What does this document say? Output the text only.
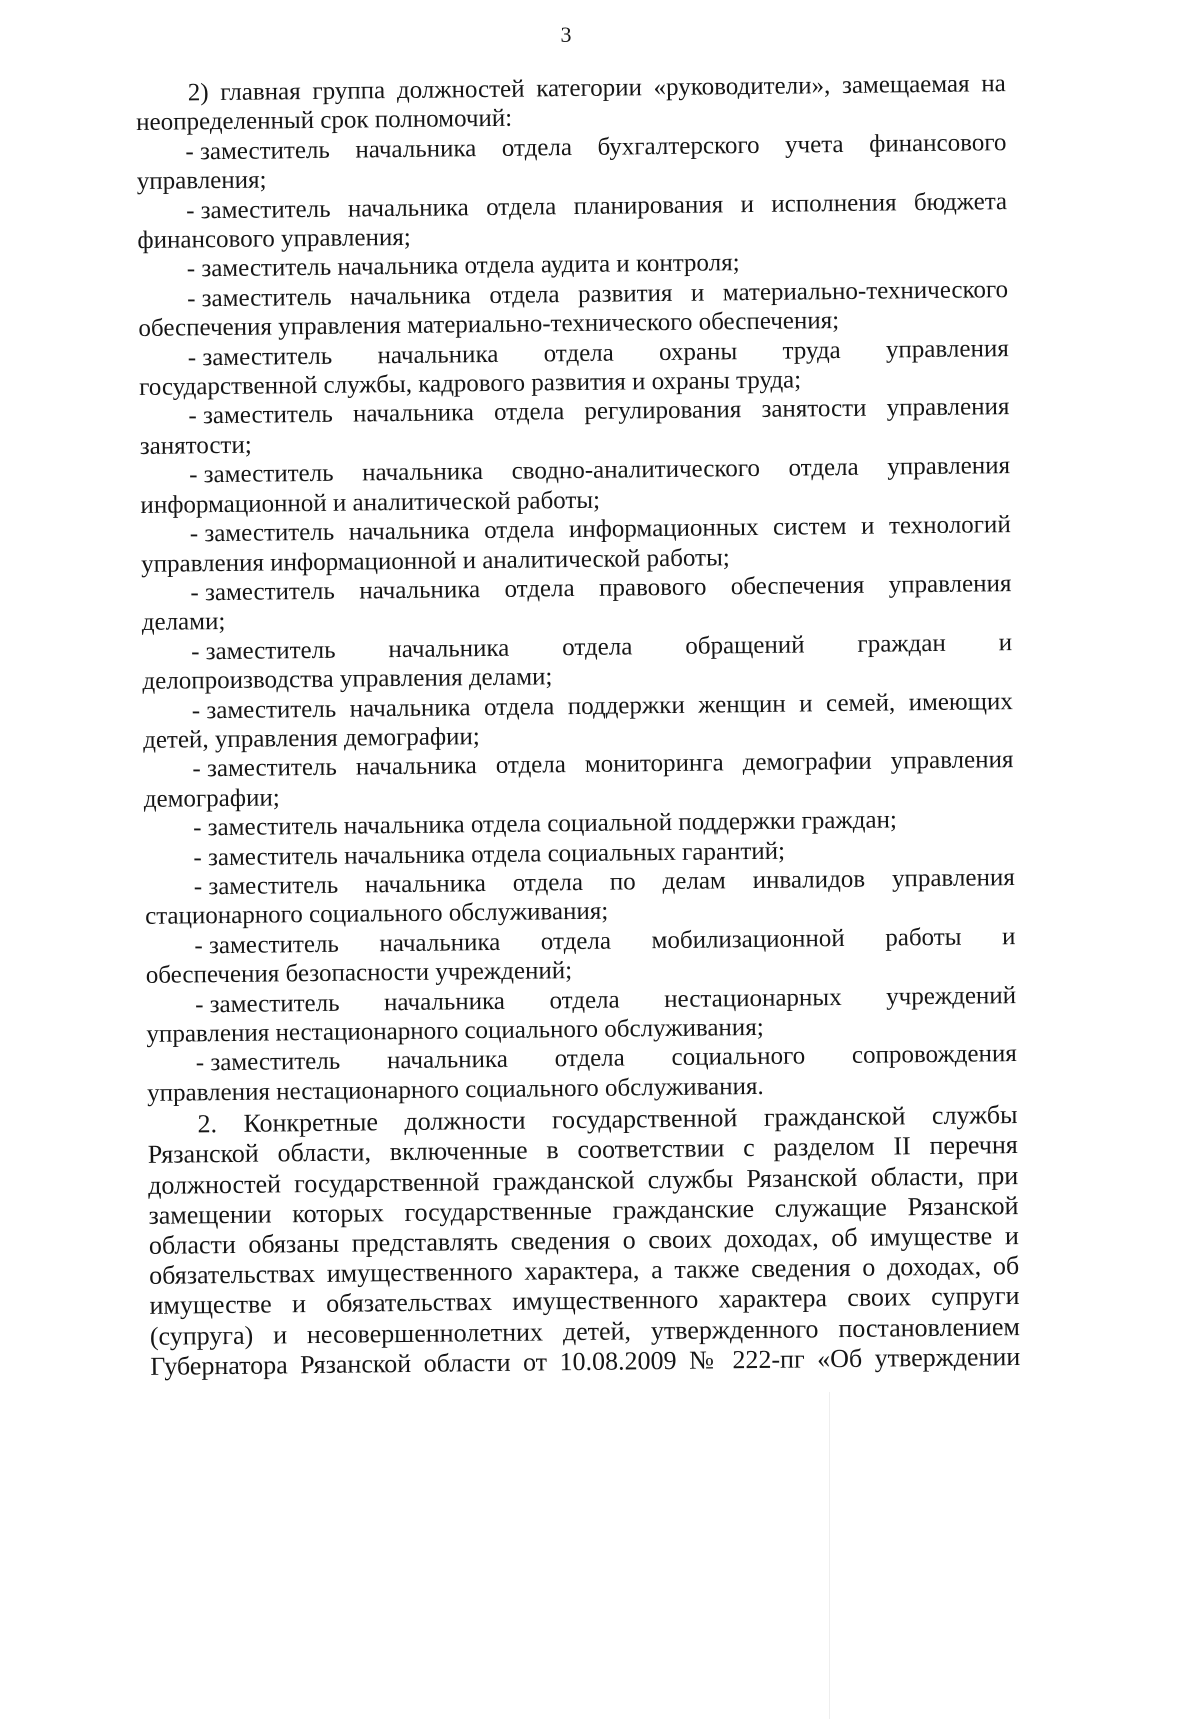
3
2) главная группа должностей категории «руководители», замещаемая на
неопределенный срок полномочий:
- заместитель начальника отдела бухгалтерского учета финансового
управления;
- заместитель начальника отдела планирования и исполнения бюджета
финансового управления;
- заместитель начальника отдела аудита и контроля;
- заместитель начальника отдела развития и материально-технического
обеспечения управления материально-технического обеспечения;
- заместитель начальника отдела охраны труда управления
государственной службы, кадрового развития и охраны труда;
- заместитель начальника отдела регулирования занятости управления
занятости;
- заместитель начальника сводно-аналитического отдела управления
информационной и аналитической работы;
- заместитель начальника отдела информационных систем и технологий
управления информационной и аналитической работы;
- заместитель начальника отдела правового обеспечения управления
делами;
- заместитель начальника отдела обращений граждан и
делопроизводства управления делами;
- заместитель начальника отдела поддержки женщин и семей, имеющих
детей, управления демографии;
- заместитель начальника отдела мониторинга демографии управления
демографии;
- заместитель начальника отдела социальной поддержки граждан;
- заместитель начальника отдела социальных гарантий;
- заместитель начальника отдела по делам инвалидов управления
стационарного социального обслуживания;
- заместитель начальника отдела мобилизационной работы и
обеспечения безопасности учреждений;
- заместитель начальника отдела нестационарных учреждений
управления нестационарного социального обслуживания;
- заместитель начальника отдела социального сопровождения
управления нестационарного социального обслуживания.
2. Конкретные должности государственной гражданской службы
Рязанской области, включенные в соответствии с разделом II перечня
должностей государственной гражданской службы Рязанской области, при
замещении которых государственные гражданские служащие Рязанской
области обязаны представлять сведения о своих доходах, об имуществе и
обязательствах имущественного характера, а также сведения о доходах, об
имуществе и обязательствах имущественного характера своих супруги
(супруга) и несовершеннолетних детей, утвержденного постановлением
Губернатора Рязанской области от 10.08.2009 № 222-пг «Об утверждении
